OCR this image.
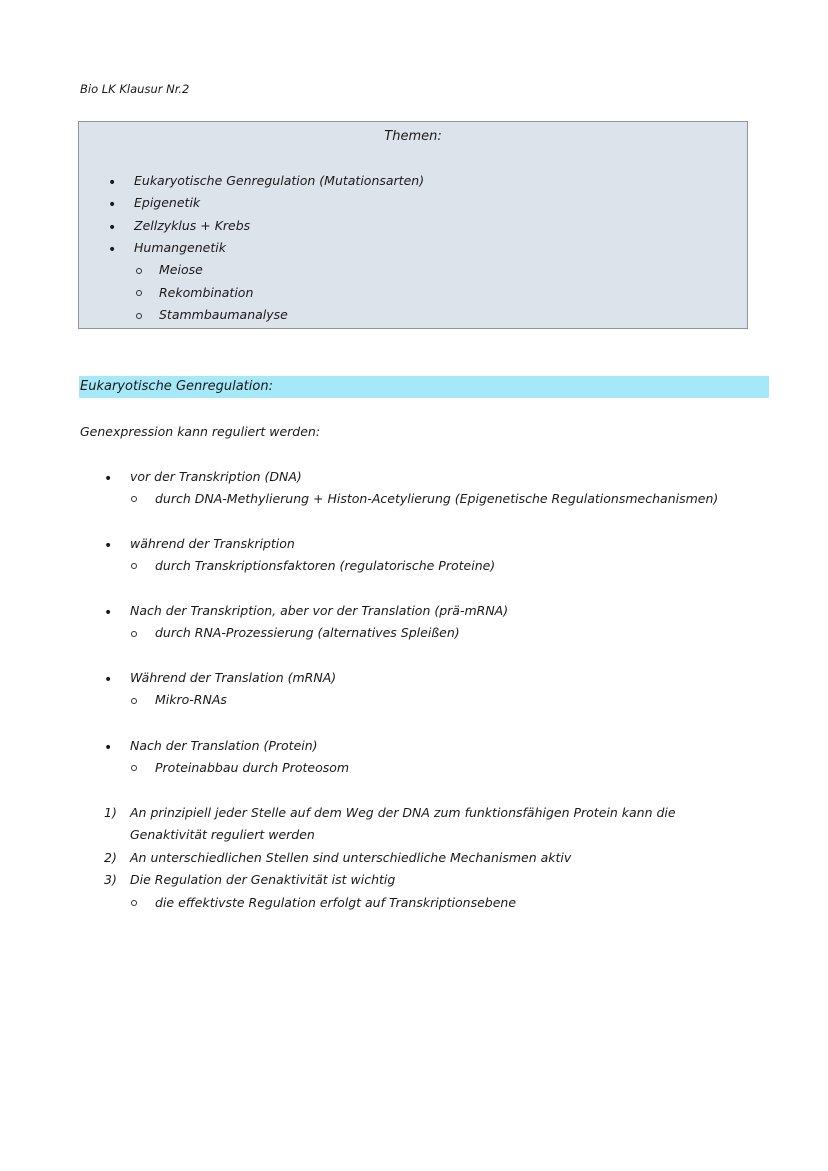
Bio LK Klausur Nr.2
Themen:
• Eukaryotische Genregulation (Mutationsarten)
• Epigenetik
• Zellzyklus + Krebs
• Humangenetik
Meiose
Rekombination
Stammbaumanalyse
Eukaryotische Genregulation:
Genexpression kann reguliert werden:
• vor der Transkription (DNA)
durch DNA-Methylierung + Histon-Acetylierung (Epigenetische Regulationsmechanismen)
• während der Transkription
durch Transkriptionsfaktoren (regulatorische Proteine)
• Nach der Transkription, aber vor der Translation (prä-mRNA)
durch RNA-Prozessierung (alternatives Spleißen)
• Während der Translation (mRNA)
Mikro-RNAs
• Nach der Translation (Protein)
Proteinabbau durch Proteosom
1) An prinzipiell jeder Stelle auf dem Weg der DNA zum funktionsfähigen Protein kann die
Genaktivität reguliert werden
2) An unterschiedlichen Stellen sind unterschiedliche Mechanismen aktiv
3) Die Regulation der Genaktivität ist wichtig
die effektivste Regulation erfolgt auf Transkriptionsebene
